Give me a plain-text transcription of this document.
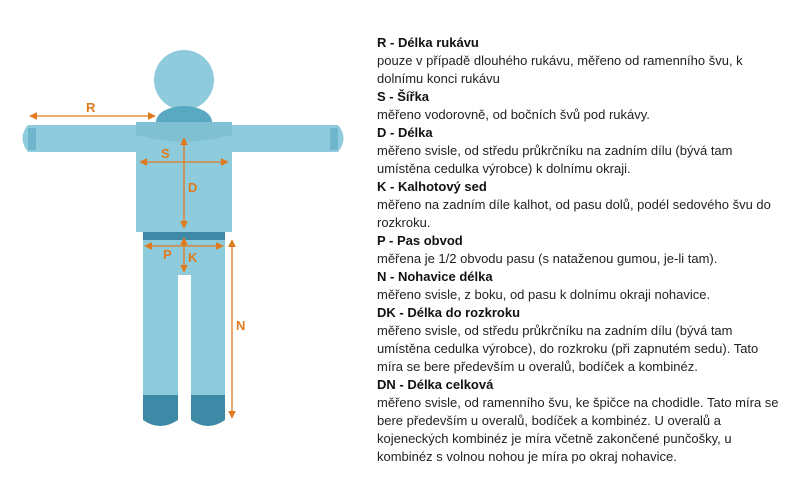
R
S
D
P K
N
R - Délka rukávu
pouze v případě dlouhého rukávu, měřeno od ramenního švu, k dolnímu konci rukávu
S - Šířka
měřeno vodorovně, od bočních švů pod rukávy.
D - Délka
měřeno svisle, od středu průkrčníku na zadním dílu (bývá tam umístěna cedulka výrobce) k dolnímu okraji.
K - Kalhotový sed
měřeno na zadním díle kalhot, od pasu dolů, podél sedového švu do rozkroku.
P - Pas obvod
měřena je 1/2 obvodu pasu (s nataženou gumou, je-li tam).
N - Nohavice délka
měřeno svisle, z boku, od pasu k dolnímu okraji nohavice.
DK - Délka do rozkroku
měřeno svisle, od středu průkrčníku na zadním dílu (bývá tam umístěna cedulka výrobce), do rozkroku (při zapnutém sedu). Tato míra se bere především u overalů, bodíček a kombinéz.
DN - Délka celková
měřeno svisle, od ramenního švu, ke špičce na chodidle. Tato míra se bere především u overalů, bodíček a kombinéz. U overalů a kojeneckých kombinéz je míra včetně zakončené punčošky, u kombinéz s volnou nohou je míra po okraj nohavice.
